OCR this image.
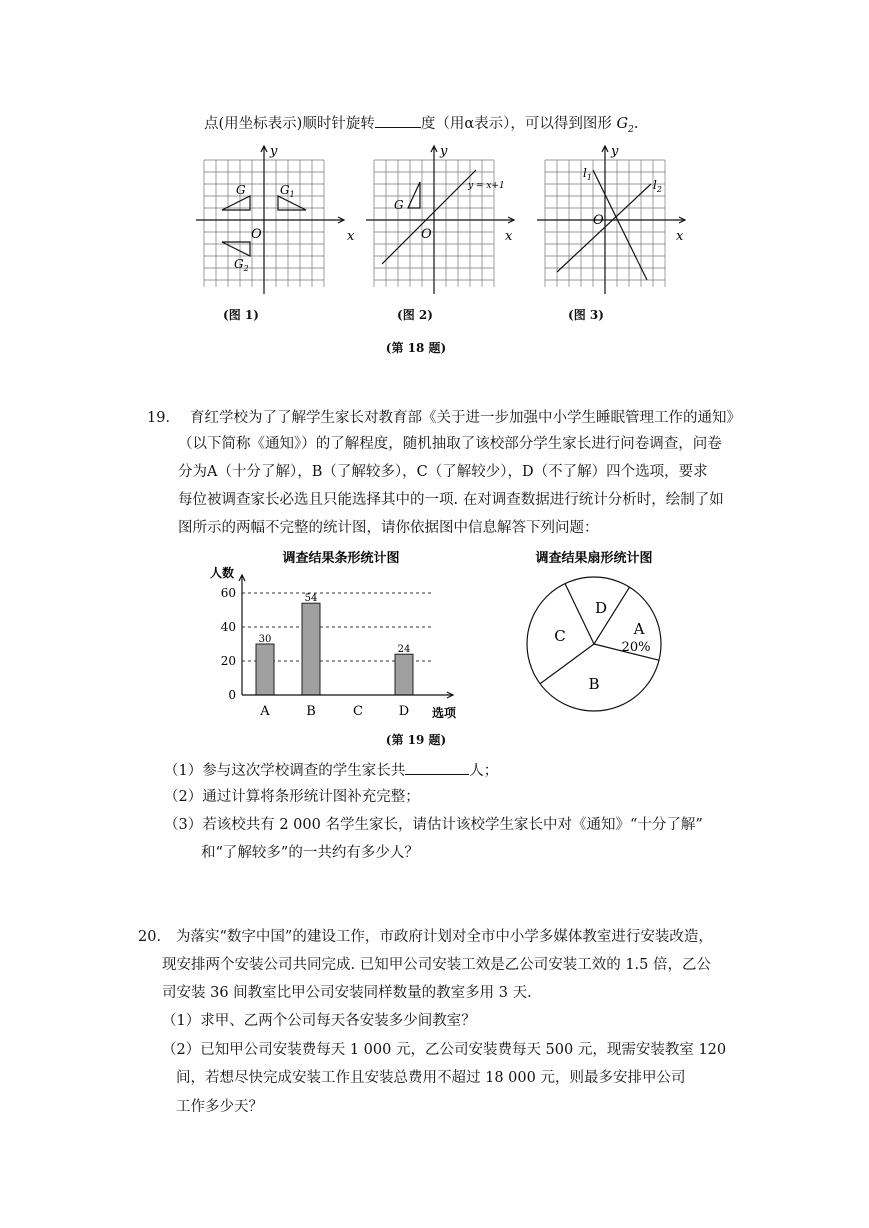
点(用坐标表示)顺时针旋转	度（用α表示），可以得到图形 $G_2$.
y
x
O
G	$G_1$
$G_2$
(图 1)
y
x
O
G
y = x+1
(图 2)
y
x
O
$l_1$
$l_2$
(图 3)
(第 18 题)
19． 育红学校为了了解学生家长对教育部《关于进一步加强中小学生睡眠管理工作的通知》
（以下简称《通知》）的了解程度，随机抽取了该校部分学生家长进行问卷调查，问卷
分为A（十分了解），B（了解较多），C（了解较少），D（不了解）四个选项，要求
每位被调查家长必选且只能选择其中的一项. 在对调查数据进行统计分析时，绘制了如
图所示的两幅不完整的统计图，请你依据图中信息解答下列问题：
调查结果条形统计图
人数
0
20
40
60
30
54
24
A	B	C	D 选项
调查结果扇形统计图
A
20%
B
C
D
(第 19 题)
（1）参与这次学校调查的学生家长共	人；
（2）通过计算将条形统计图补充完整；
（3）若该校共有 2 000 名学生家长，请估计该校学生家长中对《通知》“十分了解”
和“了解较多”的一共约有多少人？
20． 为落实“数字中国”的建设工作，市政府计划对全市中小学多媒体教室进行安装改造，
现安排两个安装公司共同完成. 已知甲公司安装工效是乙公司安装工效的 1.5 倍，乙公
司安装 36 间教室比甲公司安装同样数量的教室多用 3 天.
（1）求甲、乙两个公司每天各安装多少间教室？
（2）已知甲公司安装费每天 1 000 元，乙公司安装费每天 500 元，现需安装教室 120
间，若想尽快完成安装工作且安装总费用不超过 18 000 元，则最多安排甲公司
工作多少天？
